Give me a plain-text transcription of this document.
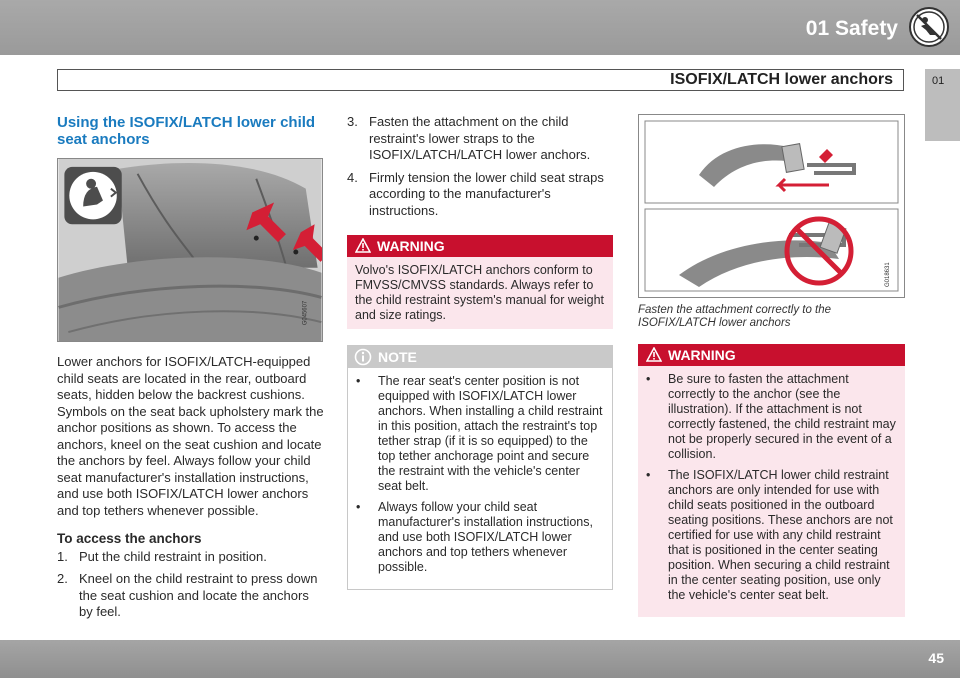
01 Safety
ISOFIX/LATCH lower anchors	01
Using the ISOFIX/LATCH lower child seat anchors
G045607
Lower anchors for ISOFIX/LATCH-equipped child seats are located in the rear, outboard seats, hidden below the backrest cushions. Symbols on the seat back upholstery mark the anchor positions as shown. To access the anchors, kneel on the seat cushion and locate the anchors by feel. Always follow your child seat manufacturer's installation instructions, and use both ISOFIX/LATCH lower anchors and top tethers whenever possible.
To access the anchors
1. Put the child restraint in position.
2. Kneel on the child restraint to press down the seat cushion and locate the anchors by feel.
3. Fasten the attachment on the child restraint's lower straps to the ISOFIX/LATCH/LATCH lower anchors.
4. Firmly tension the lower child seat straps according to the manufacturer's instructions.
WARNING
Volvo's ISOFIX/LATCH anchors conform to FMVSS/CMVSS standards. Always refer to the child restraint system's manual for weight and size ratings.
NOTE
•	The rear seat's center position is not equipped with ISOFIX/LATCH lower anchors. When installing a child restraint in this position, attach the restraint's top tether strap (if it is so equipped) to the top tether anchorage point and secure the restraint with the vehicle's center seat belt.
•	Always follow your child seat manufacturer's installation instructions, and use both ISOFIX/LATCH lower anchors and top tethers whenever possible.
G018631
Fasten the attachment correctly to the ISOFIX/LATCH lower anchors
WARNING
•	Be sure to fasten the attachment correctly to the anchor (see the illustration). If the attachment is not correctly fastened, the child restraint may not be properly secured in the event of a collision.
•	The ISOFIX/LATCH lower child restraint anchors are only intended for use with child seats positioned in the outboard seating positions. These anchors are not certified for use with any child restraint that is positioned in the center seating position. When securing a child restraint in the center seating position, use only the vehicle's center seat belt.
45
